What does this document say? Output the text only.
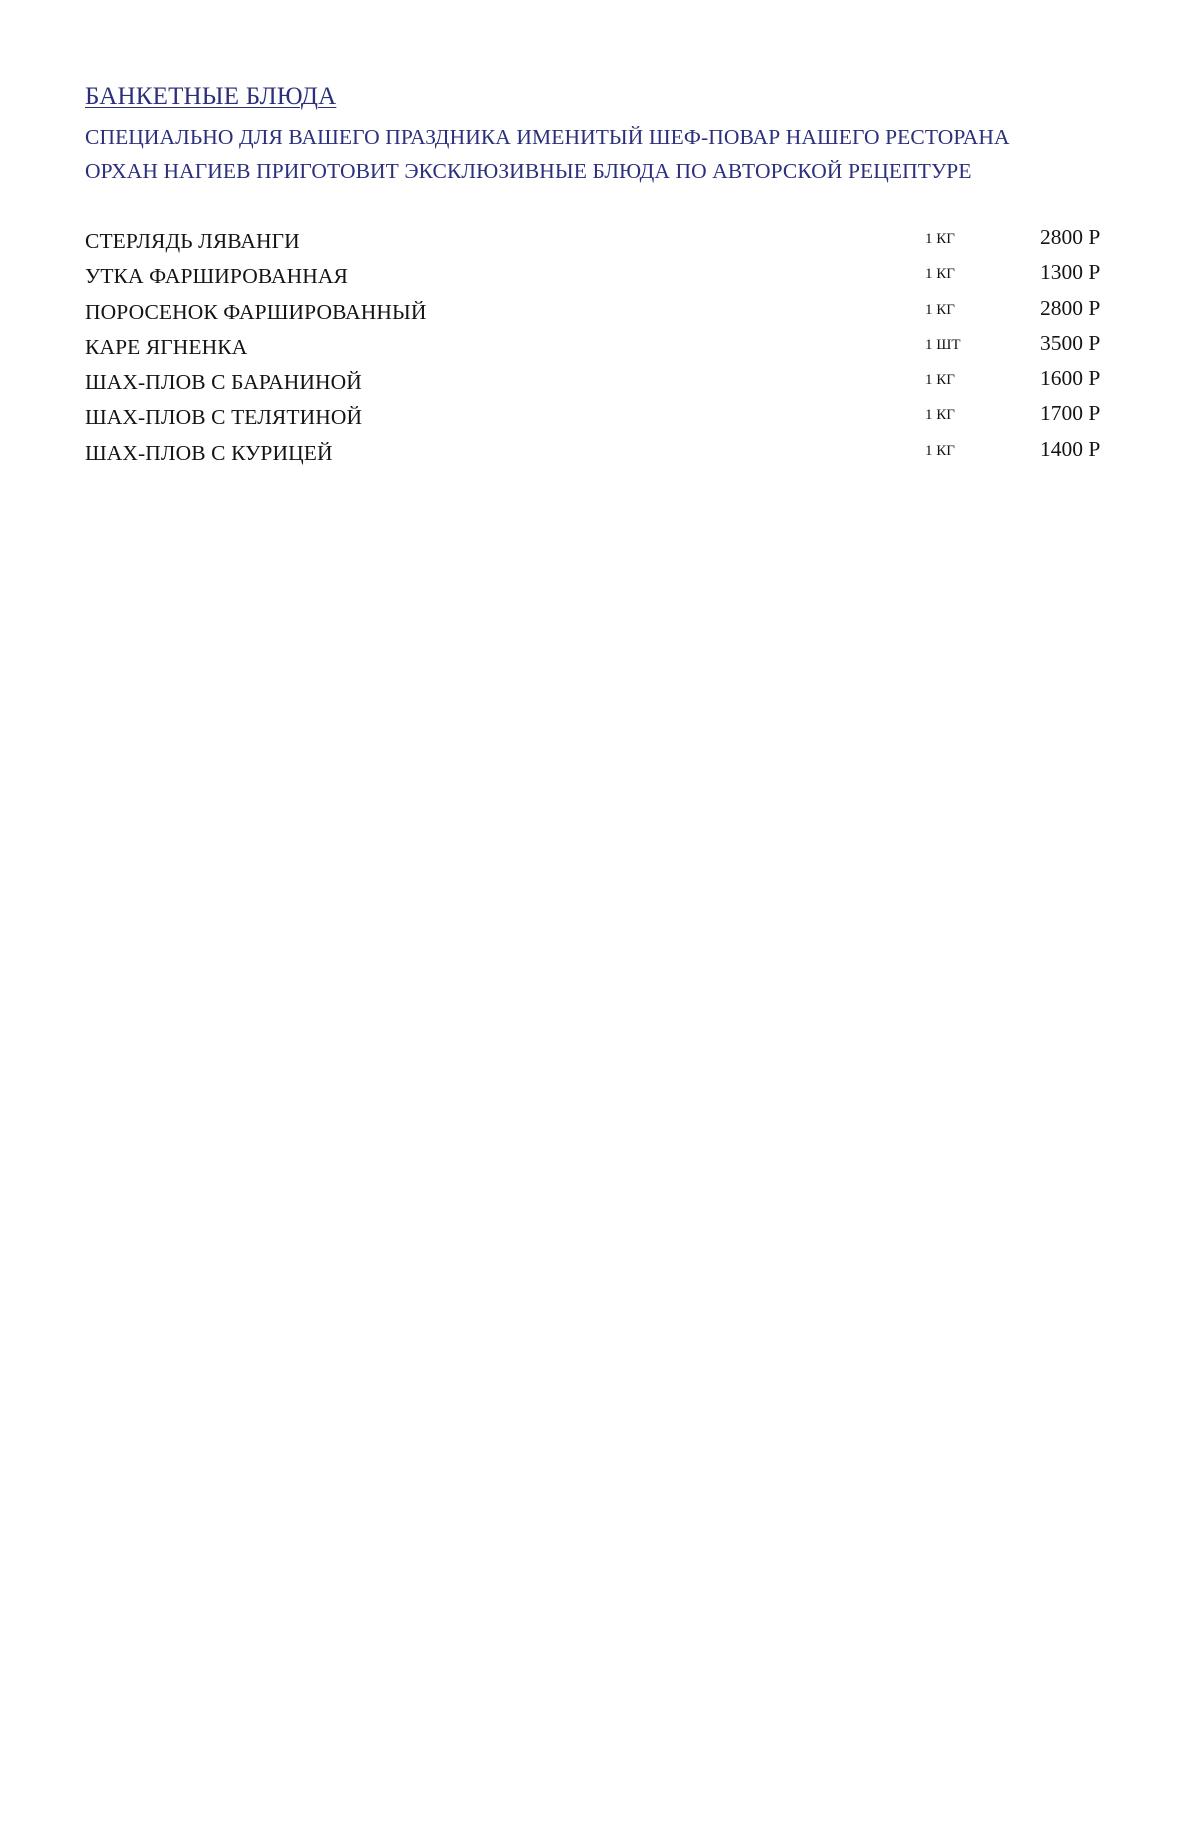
БАНКЕТНЫЕ БЛЮДА
СПЕЦИАЛЬНО ДЛЯ ВАШЕГО ПРАЗДНИКА ИМЕНИТЫЙ ШЕФ-ПОВАР НАШЕГО РЕСТОРАНА
ОРХАН НАГИЕВ ПРИГОТОВИТ ЭКСКЛЮЗИВНЫЕ БЛЮДА ПО АВТОРСКОЙ РЕЦЕПТУРЕ
СТЕРЛЯДЬ ЛЯВАНГИ	1 КГ	2800 Р
УТКА ФАРШИРОВАННАЯ	1 КГ	1300 Р
ПОРОСЕНОК ФАРШИРОВАННЫЙ	1 КГ	2800 Р
КАРЕ ЯГНЕНКА	1 ШТ	3500 Р
ШАХ-ПЛОВ С БАРАНИНОЙ	1 КГ	1600 Р
ШАХ-ПЛОВ С ТЕЛЯТИНОЙ	1 КГ	1700 Р
ШАХ-ПЛОВ С КУРИЦЕЙ	1 КГ	1400 Р
